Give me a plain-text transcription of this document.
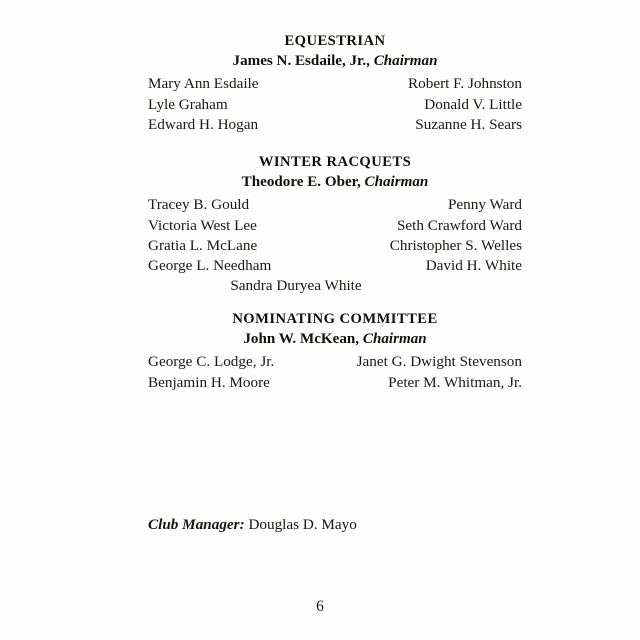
EQUESTRIAN
James N. Esdaile, Jr., Chairman
Mary Ann Esdaile	Robert F. Johnston
Lyle Graham	Donald V. Little
Edward H. Hogan	Suzanne H. Sears
WINTER RACQUETS
Theodore E. Ober, Chairman
Tracey B. Gould	Penny Ward
Victoria West Lee	Seth Crawford Ward
Gratia L. McLane	Christopher S. Welles
George L. Needham	David H. White
Sandra Duryea White
NOMINATING COMMITTEE
John W. McKean, Chairman
George C. Lodge, Jr.	Janet G. Dwight Stevenson
Benjamin H. Moore	Peter M. Whitman, Jr.
Club Manager: Douglas D. Mayo
6
